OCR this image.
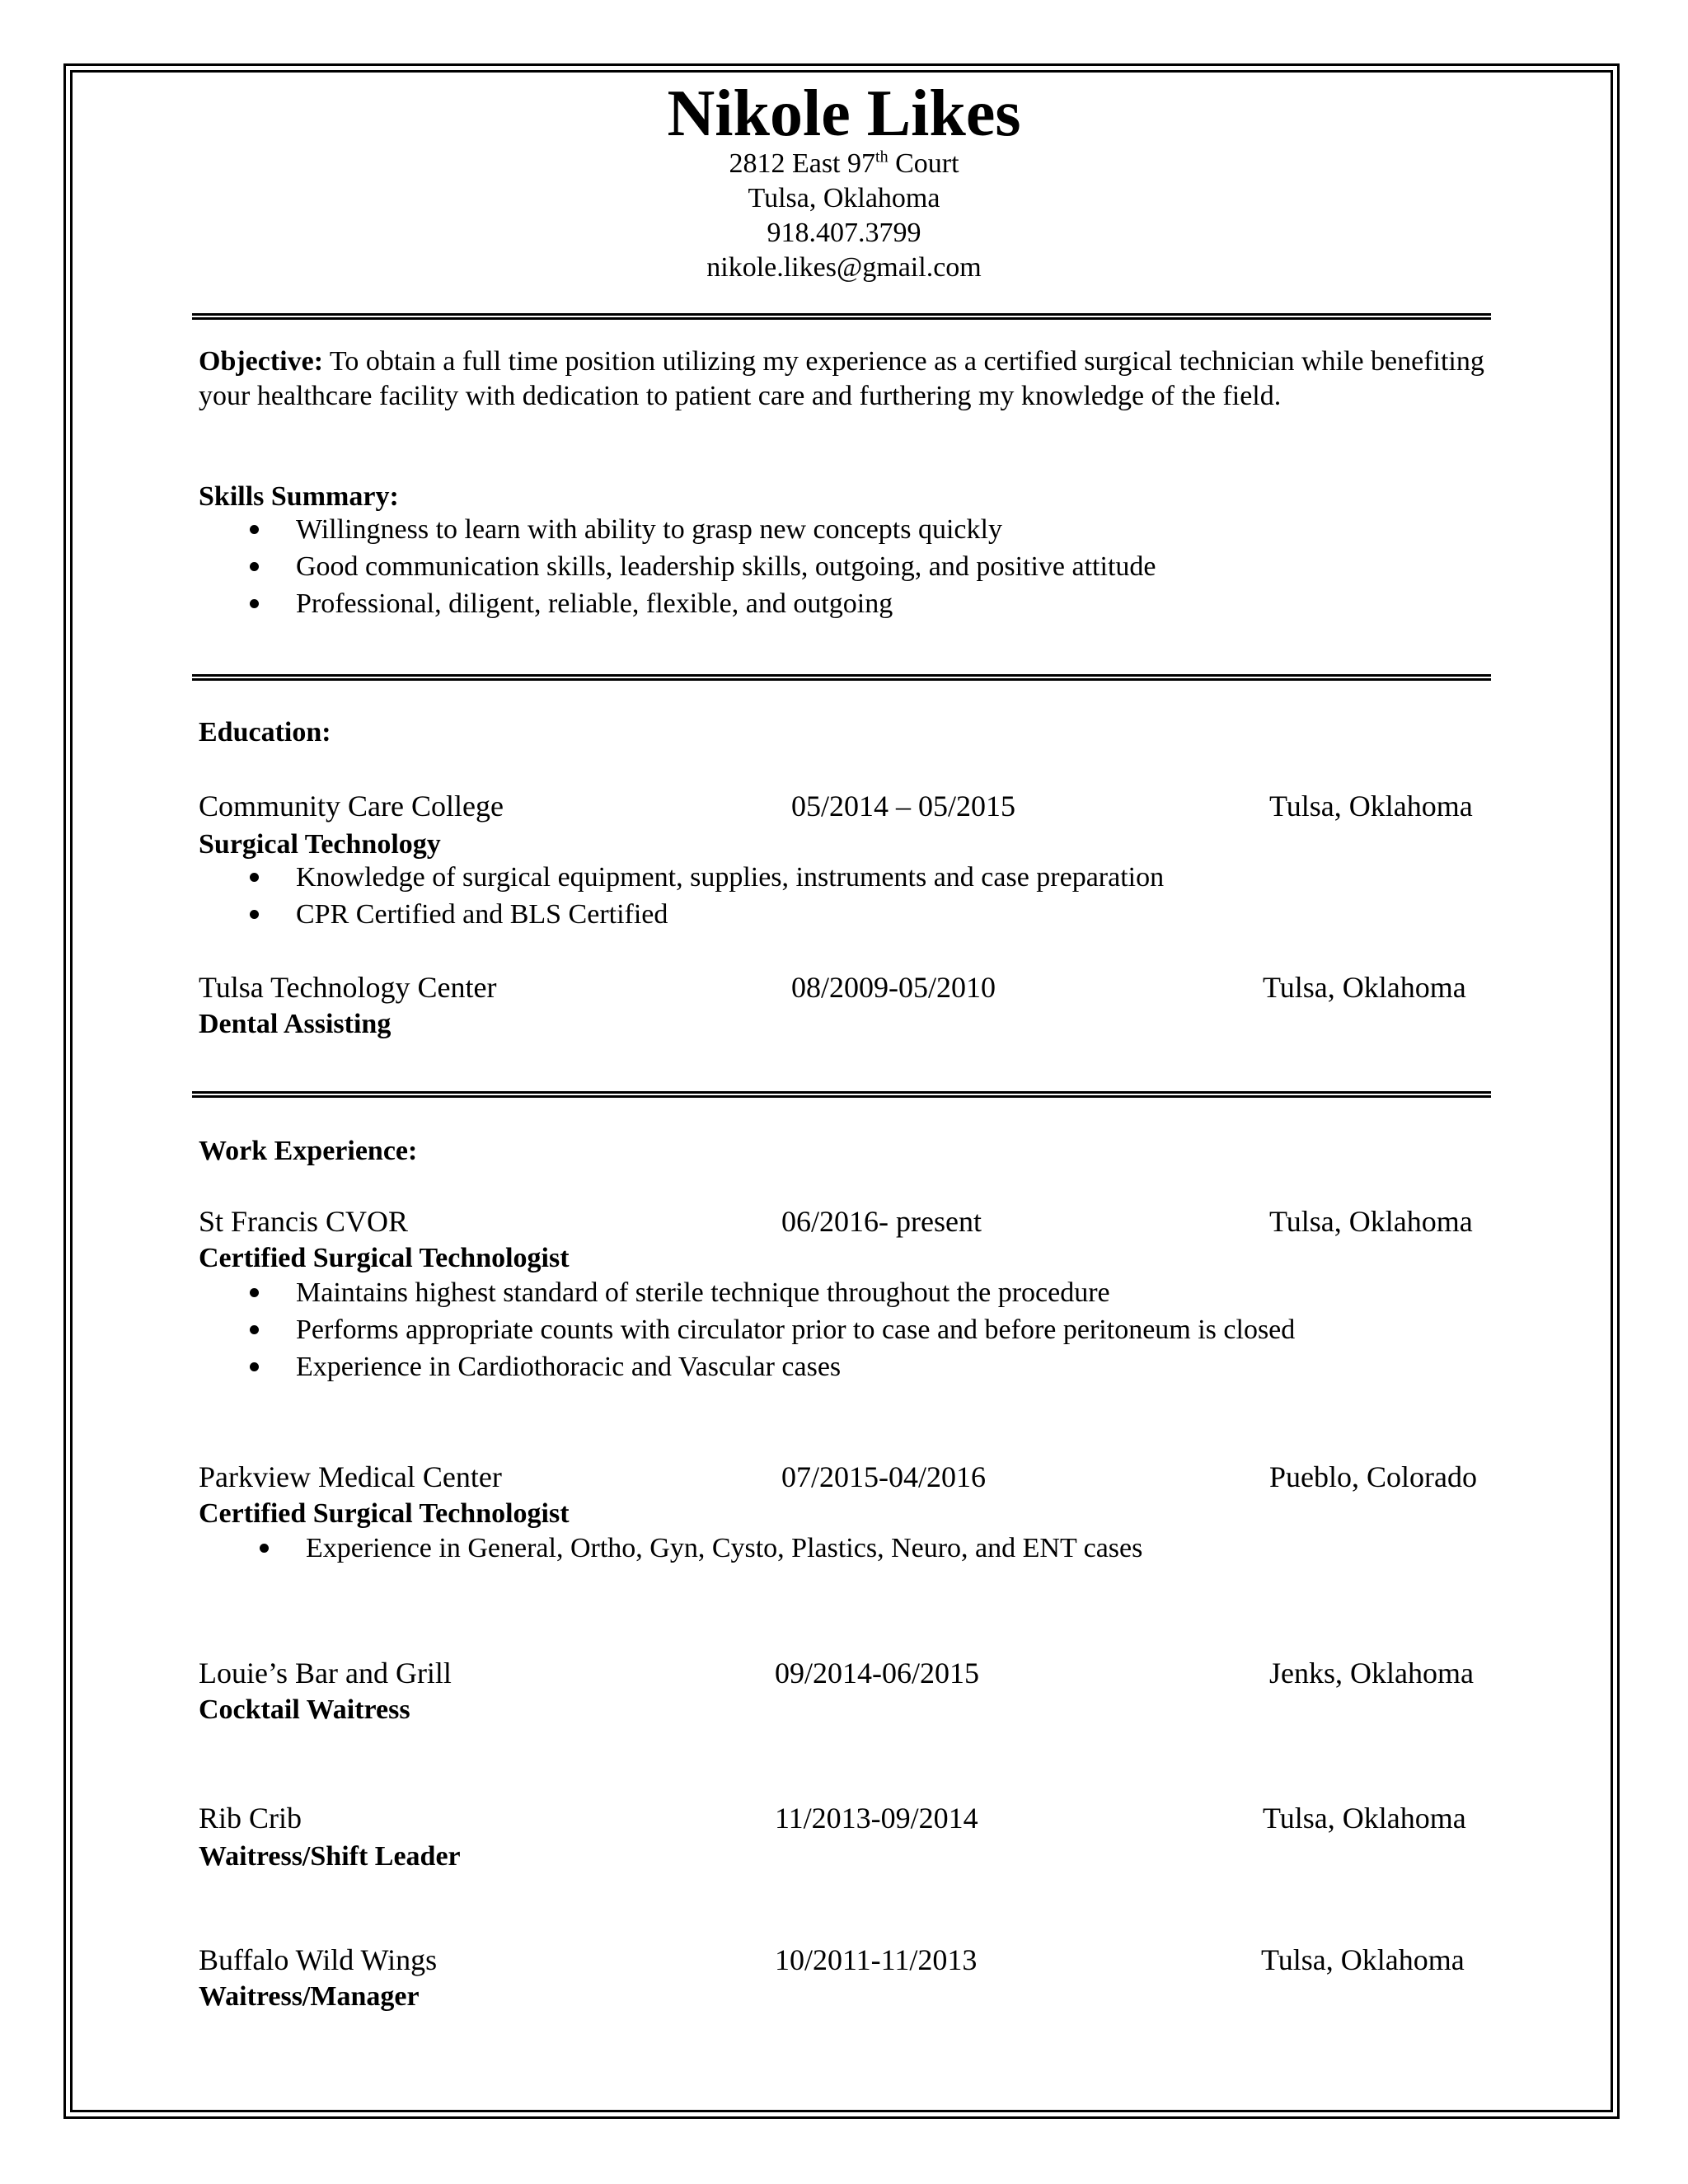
Nikole Likes
2812 East 97th Court
Tulsa, Oklahoma
918.407.3799
nikole.likes@gmail.com
Objective: To obtain a full time position utilizing my experience as a certified surgical technician while benefiting your healthcare facility with dedication to patient care and furthering my knowledge of the field.
Skills Summary:
Willingness to learn with ability to grasp new concepts quickly
Good communication skills, leadership skills, outgoing, and positive attitude
Professional, diligent, reliable, flexible, and outgoing
Education:
Community Care College	05/2014 – 05/2015	Tulsa, Oklahoma
Surgical Technology
Knowledge of surgical equipment, supplies, instruments and case preparation
CPR Certified and BLS Certified
Tulsa Technology Center	08/2009-05/2010	Tulsa, Oklahoma
Dental Assisting
Work Experience:
St Francis CVOR	06/2016- present	Tulsa, Oklahoma
Certified Surgical Technologist
Maintains highest standard of sterile technique throughout the procedure
Performs appropriate counts with circulator prior to case and before peritoneum is closed
Experience in Cardiothoracic and Vascular cases
Parkview Medical Center	07/2015-04/2016	Pueblo, Colorado
Certified Surgical Technologist
Experience in General, Ortho, Gyn, Cysto, Plastics, Neuro, and ENT cases
Louie’s Bar and Grill	09/2014-06/2015	Jenks, Oklahoma
Cocktail Waitress
Rib Crib	11/2013-09/2014	Tulsa, Oklahoma
Waitress/Shift Leader
Buffalo Wild Wings	10/2011-11/2013	Tulsa, Oklahoma
Waitress/Manager
